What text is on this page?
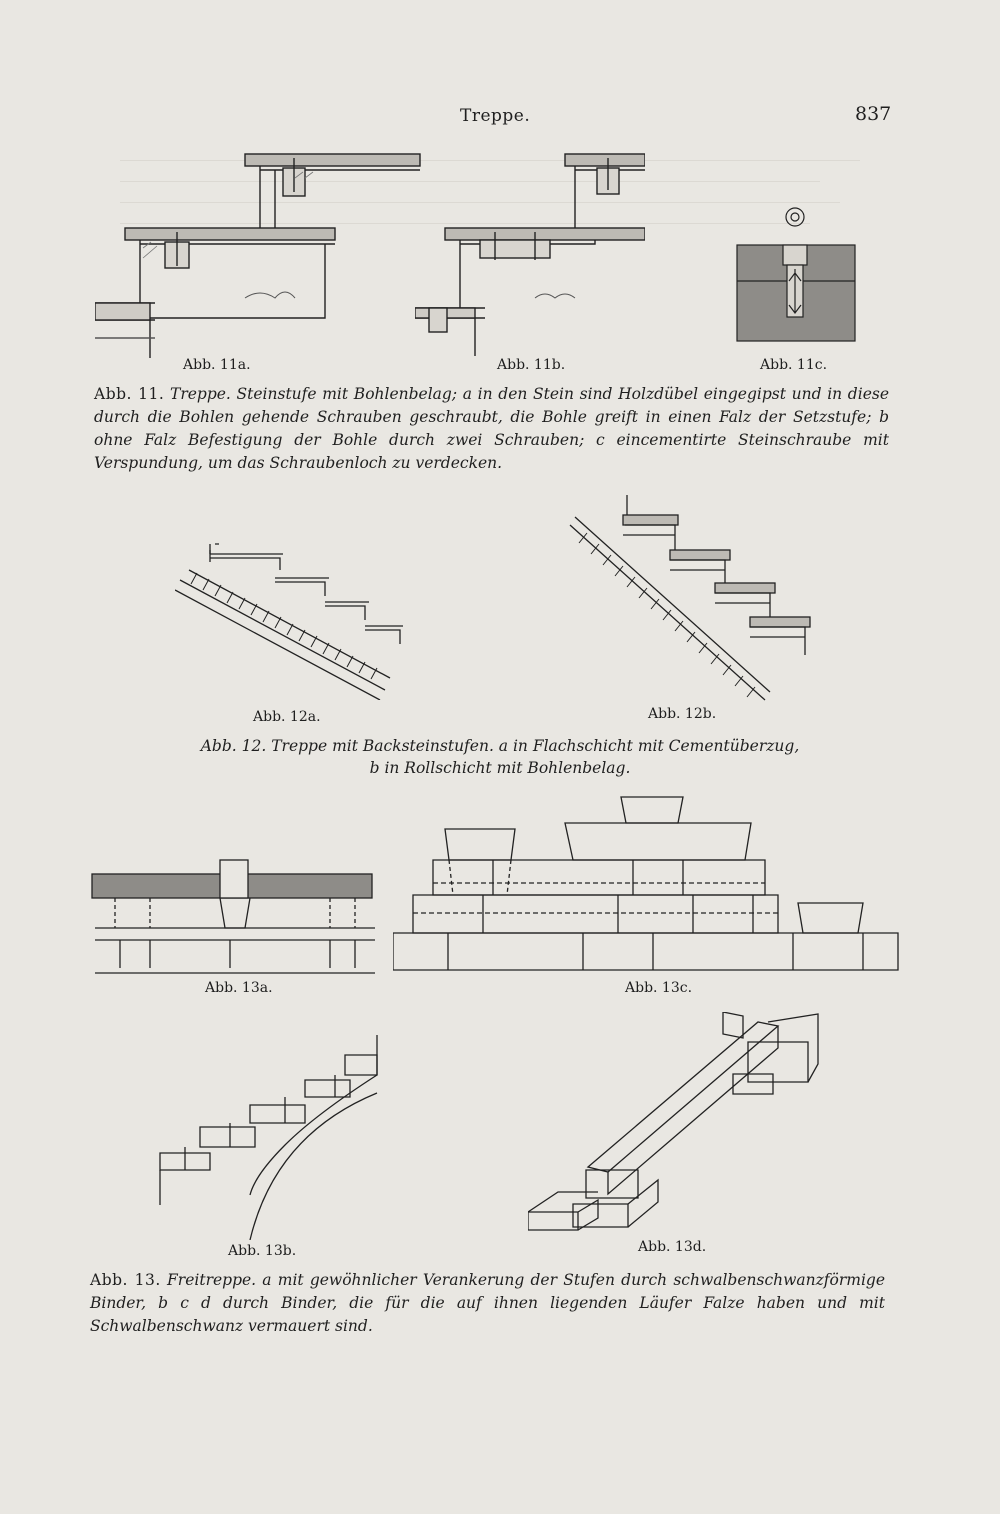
Treppe.	837
Abb. 11a.	Abb. 11b.	Abb. 11c.
Abb. 11. Treppe. Steinstufe mit Bohlenbelag; a in den Stein sind Holzdübel eingegipst und in diese durch die Bohlen gehende Schrauben geschraubt, die Bohle greift in einen Falz der Setzstufe; b ohne Falz Befestigung der Bohle durch zwei Schrauben; c eincementirte Steinschraube mit Verspundung, um das Schraubenloch zu verdecken.
Abb. 12a.	Abb. 12b.
Abb. 12. Treppe mit Backsteinstufen. a in Flachschicht mit Cementüberzug,
b in Rollschicht mit Bohlenbelag.
Abb. 13a.	Abb. 13c.
Abb. 13b.	Abb. 13d.
Abb. 13. Freitreppe. a mit gewöhnlicher Verankerung der Stufen durch schwalbenschwanzförmige Binder, b c d durch Binder, die für die auf ihnen liegenden Läufer Falze haben und mit Schwalbenschwanz vermauert sind.
